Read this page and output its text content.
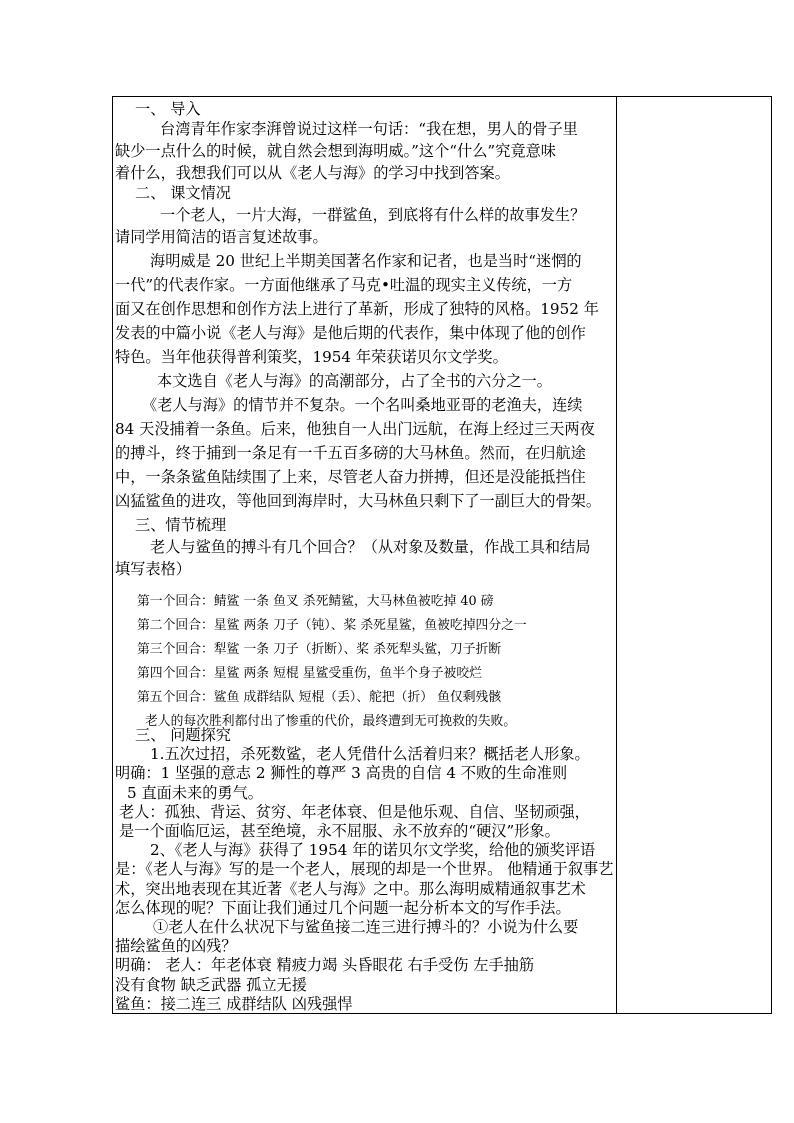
一、 导入
台湾青年作家李湃曾说过这样一句话：“我在想，男人的骨子里
缺少一点什么的时候，就自然会想到海明威。”这个“什么”究竟意味
着什么，我想我们可以从《老人与海》的学习中找到答案。
二、 课文情况
一个老人，一片大海，一群鲨鱼，到底将有什么样的故事发生？
请同学用简洁的语言复述故事。
海明威是 20 世纪上半期美国著名作家和记者，也是当时“迷惘的
一代”的代表作家。一方面他继承了马克•吐温的现实主义传统，一方
面又在创作思想和创作方法上进行了革新，形成了独特的风格。1952 年
发表的中篇小说《老人与海》是他后期的代表作，集中体现了他的创作
特色。当年他获得普利策奖，1954 年荣获诺贝尔文学奖。
本文选自《老人与海》的高潮部分，占了全书的六分之一。
《老人与海》的情节并不复杂。一个名叫桑地亚哥的老渔夫，连续
84 天没捕着一条鱼。后来，他独自一人出门远航，在海上经过三天两夜
的搏斗，终于捕到一条足有一千五百多磅的大马林鱼。然而，在归航途
中，一条条鲨鱼陆续围了上来，尽管老人奋力拼搏，但还是没能抵挡住
凶猛鲨鱼的进攻，等他回到海岸时，大马林鱼只剩下了一副巨大的骨架。
三、情节梳理
老人与鲨鱼的搏斗有几个回合？（从对象及数量，作战工具和结局
填写表格）
第一个回合：鲭鲨 一条 鱼叉 杀死鲭鲨，大马林鱼被吃掉 40 磅
第二个回合：星鲨 两条 刀子（钝）、桨 杀死星鲨，鱼被吃掉四分之一
第三个回合：犁鲨 一条 刀子（折断）、桨 杀死犁头鲨，刀子折断
第四个回合：星鲨 两条 短棍 星鲨受重伤，鱼半个身子被咬烂
第五个回合：鲨鱼 成群结队 短棍（丢）、舵把（折） 鱼仅剩残骸
老人的每次胜利都付出了惨重的代价，最终遭到无可挽救的失败。
三、 问题探究
1.五次过招，杀死数鲨，老人凭借什么活着归来？概括老人形象。
明确：1 坚强的意志 2 狮性的尊严 3 高贵的自信 4 不败的生命准则
5 直面未来的勇气。
老人：孤独、背运、贫穷、年老体衰、但是他乐观、自信、坚韧顽强，
是一个面临厄运，甚至绝境，永不屈服、永不放弃的“硬汉”形象。
2、《老人与海》获得了 1954 年的诺贝尔文学奖，给他的颁奖评语
是：《老人与海》写的是一个老人，展现的却是一个世界。 他精通于叙事艺
术，突出地表现在其近著《老人与海》之中。那么海明威精通叙事艺术
怎么体现的呢？下面让我们通过几个问题一起分析本文的写作手法。
①老人在什么状况下与鲨鱼接二连三进行搏斗的？小说为什么要
描绘鲨鱼的凶残？
明确： 老人：年老体衰 精疲力竭 头昏眼花 右手受伤 左手抽筋
没有食物 缺乏武器 孤立无援
鲨鱼：接二连三 成群结队 凶残强悍
